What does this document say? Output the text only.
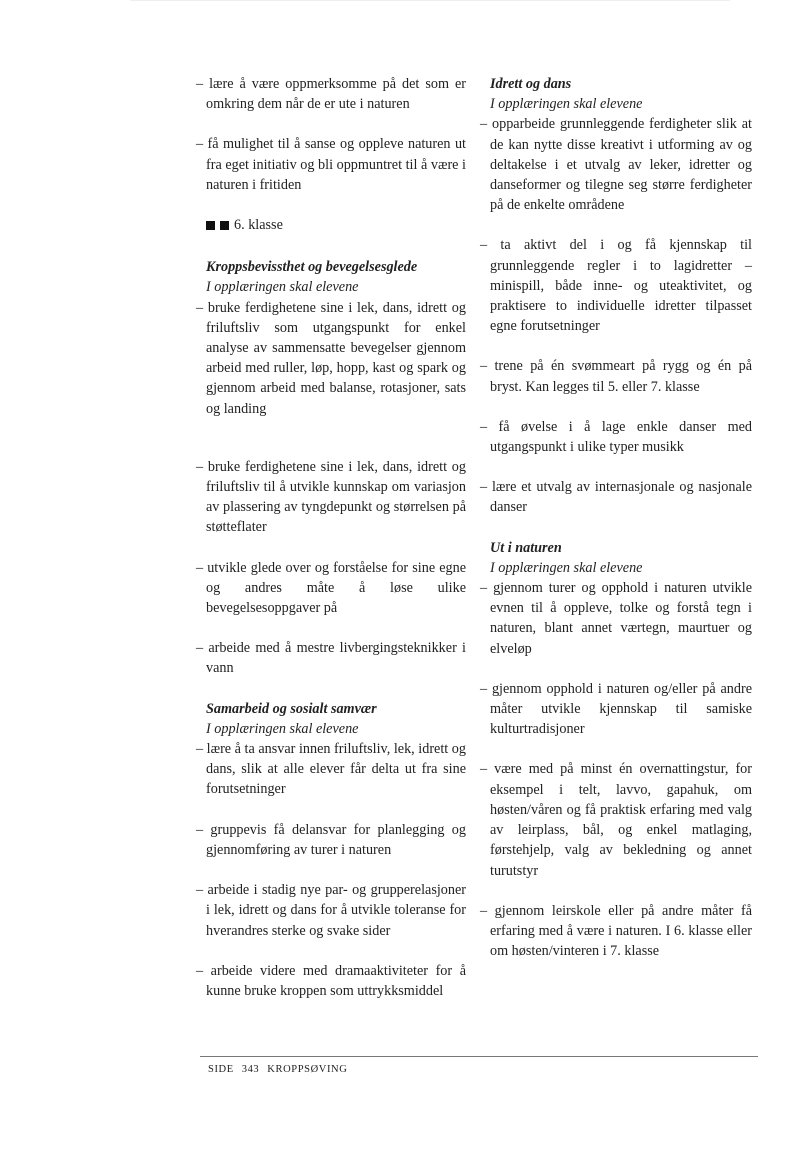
– lære å være oppmerksomme på det som er omkring dem når de er ute i naturen

– få mulighet til å sanse og oppleve naturen ut fra eget initiativ og bli oppmuntret til å være i naturen i fritiden

6. klasse

Kroppsbevissthet og bevegelsesglede

I opplæringen skal elevene

– bruke ferdighetene sine i lek, dans, idrett og friluftsliv som utgangspunkt for enkel analyse av sammensatte bevegelser gjennom arbeid med ruller, løp, hopp, kast og spark og gjennom arbeid med balanse, rotasjoner, sats og landing

– bruke ferdighetene sine i lek, dans, idrett og friluftsliv til å utvikle kunnskap om variasjon av plassering av tyngdepunkt og størrelsen på støtteflater

– utvikle glede over og forståelse for sine egne og andres måte å løse ulike bevegelsesoppgaver på

– arbeide med å mestre livbergingsteknikker i vann

Samarbeid og sosialt samvær

I opplæringen skal elevene

– lære å ta ansvar innen friluftsliv, lek, idrett og dans, slik at alle elever får delta ut fra sine forutsetninger

– gruppevis få delansvar for planlegging og gjennomføring av turer i naturen

– arbeide i stadig nye par- og grupperelasjoner i lek, idrett og dans for å utvikle toleranse for hverandres sterke og svake sider

– arbeide videre med dramaaktiviteter for å kunne bruke kroppen som uttrykksmiddel

Idrett og dans

I opplæringen skal elevene

– opparbeide grunnleggende ferdigheter slik at de kan nytte disse kreativt i utforming av og deltakelse i et utvalg av leker, idretter og danseformer og tilegne seg større ferdigheter på de enkelte områdene

– ta aktivt del i og få kjennskap til grunnleggende regler i to lagidretter – minispill, både inne- og uteaktivitet, og praktisere to individuelle idretter tilpasset egne forutsetninger

– trene på én svømmeart på rygg og én på bryst. Kan legges til 5. eller 7. klasse

– få øvelse i å lage enkle danser med utgangspunkt i ulike typer musikk

– lære et utvalg av internasjonale og nasjonale danser

Ut i naturen

I opplæringen skal elevene

– gjennom turer og opphold i naturen utvikle evnen til å oppleve, tolke og forstå tegn i naturen, blant annet værtegn, maurtuer og elveløp

– gjennom opphold i naturen og/eller på andre måter utvikle kjennskap til samiske kulturtradisjoner

– være med på minst én overnattingstur, for eksempel i telt, lavvo, gapahuk, om høsten/våren og få praktisk erfaring med valg av leirplass, bål, og enkel matlaging, førstehjelp, valg av bekledning og annet turutstyr

– gjennom leirskole eller på andre måter få erfaring med å være i naturen. I 6. klasse eller om høsten/vinteren i 7. klasse

SIDE 343 KROPPSØVING
